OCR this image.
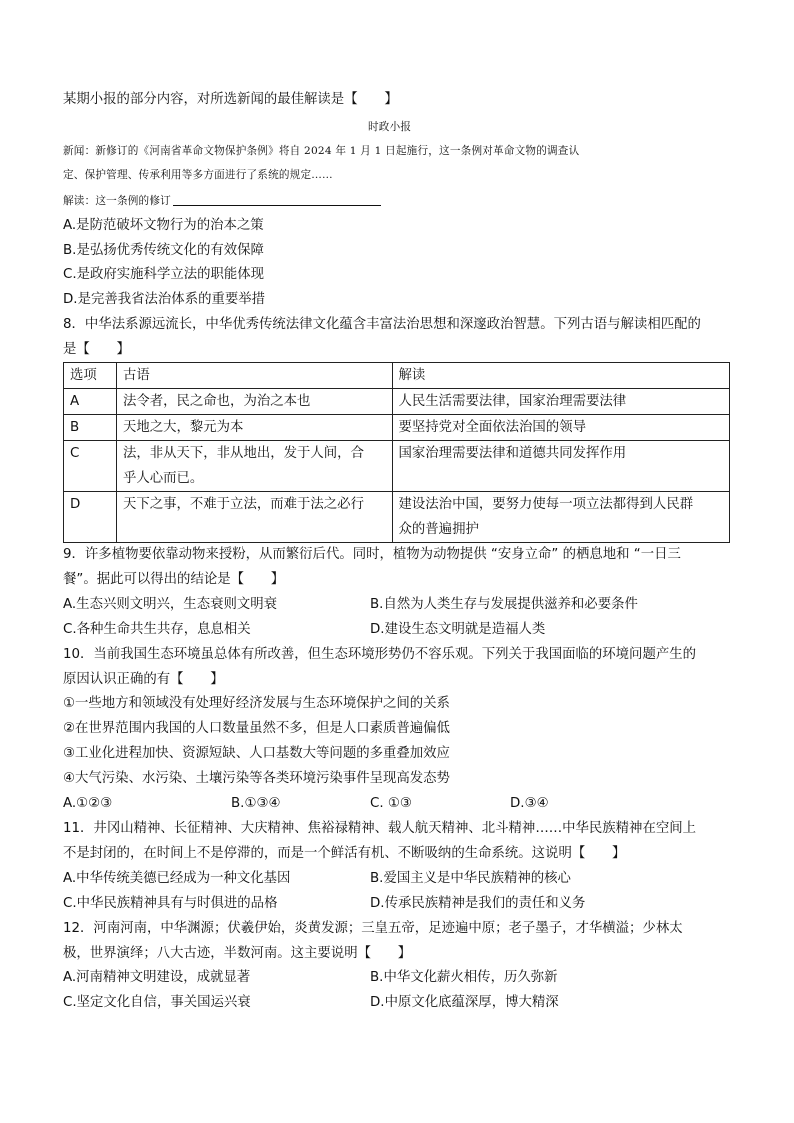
某期小报的部分内容，对所选新闻的最佳解读是【　　】
时政小报
新闻：新修订的《河南省革命文物保护条例》将自 2024 年 1 月 1 日起施行，这一条例对革命文物的调查认
定、保护管理、传承利用等多方面进行了系统的规定……
解读：这一条例的修订
A.是防范破坏文物行为的治本之策
B.是弘扬优秀传统文化的有效保障
C.是政府实施科学立法的职能体现
D.是完善我省法治体系的重要举措
8．中华法系源远流长，中华优秀传统法律文化蕴含丰富法治思想和深邃政治智慧。下列古语与解读相匹配的
是【　　】
选项	古语	解读
A	法令者，民之命也，为治之本也	人民生活需要法律，国家治理需要法律
B	天地之大，黎元为本	要坚持党对全面依法治国的领导
C	法，非从天下，非从地出，发于人间，合
乎人心而已。	国家治理需要法律和道德共同发挥作用
D	天下之事，不难于立法，而难于法之必行	建设法治中国，要努力使每一项立法都得到人民群
众的普遍拥护
9．许多植物要依靠动物来授粉，从而繁衍后代。同时，植物为动物提供 “安身立命” 的栖息地和 “一日三
餐”。据此可以得出的结论是【　　】
A.生态兴则文明兴，生态衰则文明衰	B.自然为人类生存与发展提供滋养和必要条件
C.各种生命共生共存，息息相关	D.建设生态文明就是造福人类
10．当前我国生态环境虽总体有所改善，但生态环境形势仍不容乐观。下列关于我国面临的环境问题产生的
原因认识正确的有【　　】
①一些地方和领域没有处理好经济发展与生态环境保护之间的关系
②在世界范围内我国的人口数量虽然不多，但是人口素质普遍偏低
③工业化进程加快、资源短缺、人口基数大等问题的多重叠加效应
④大气污染、水污染、土壤污染等各类环境污染事件呈现高发态势
A.①②③	B.①③④	C. ①③	D.③④
11．井冈山精神、长征精神、大庆精神、焦裕禄精神、载人航天精神、北斗精神……中华民族精神在空间上
不是封闭的，在时间上不是停滞的，而是一个鲜活有机、不断吸纳的生命系统。这说明【　　】
A.中华传统美德已经成为一种文化基因	B.爱国主义是中华民族精神的核心
C.中华民族精神具有与时俱进的品格	D.传承民族精神是我们的责任和义务
12．河南河南，中华渊源；伏羲伊始，炎黄发源；三皇五帝，足迹遍中原；老子墨子，才华横溢；少林太
极，世界演绎；八大古迹，半数河南。这主要说明【　　】
A.河南精神文明建设，成就显著	B.中华文化薪火相传，历久弥新
C.坚定文化自信，事关国运兴衰	D.中原文化底蕴深厚，博大精深
